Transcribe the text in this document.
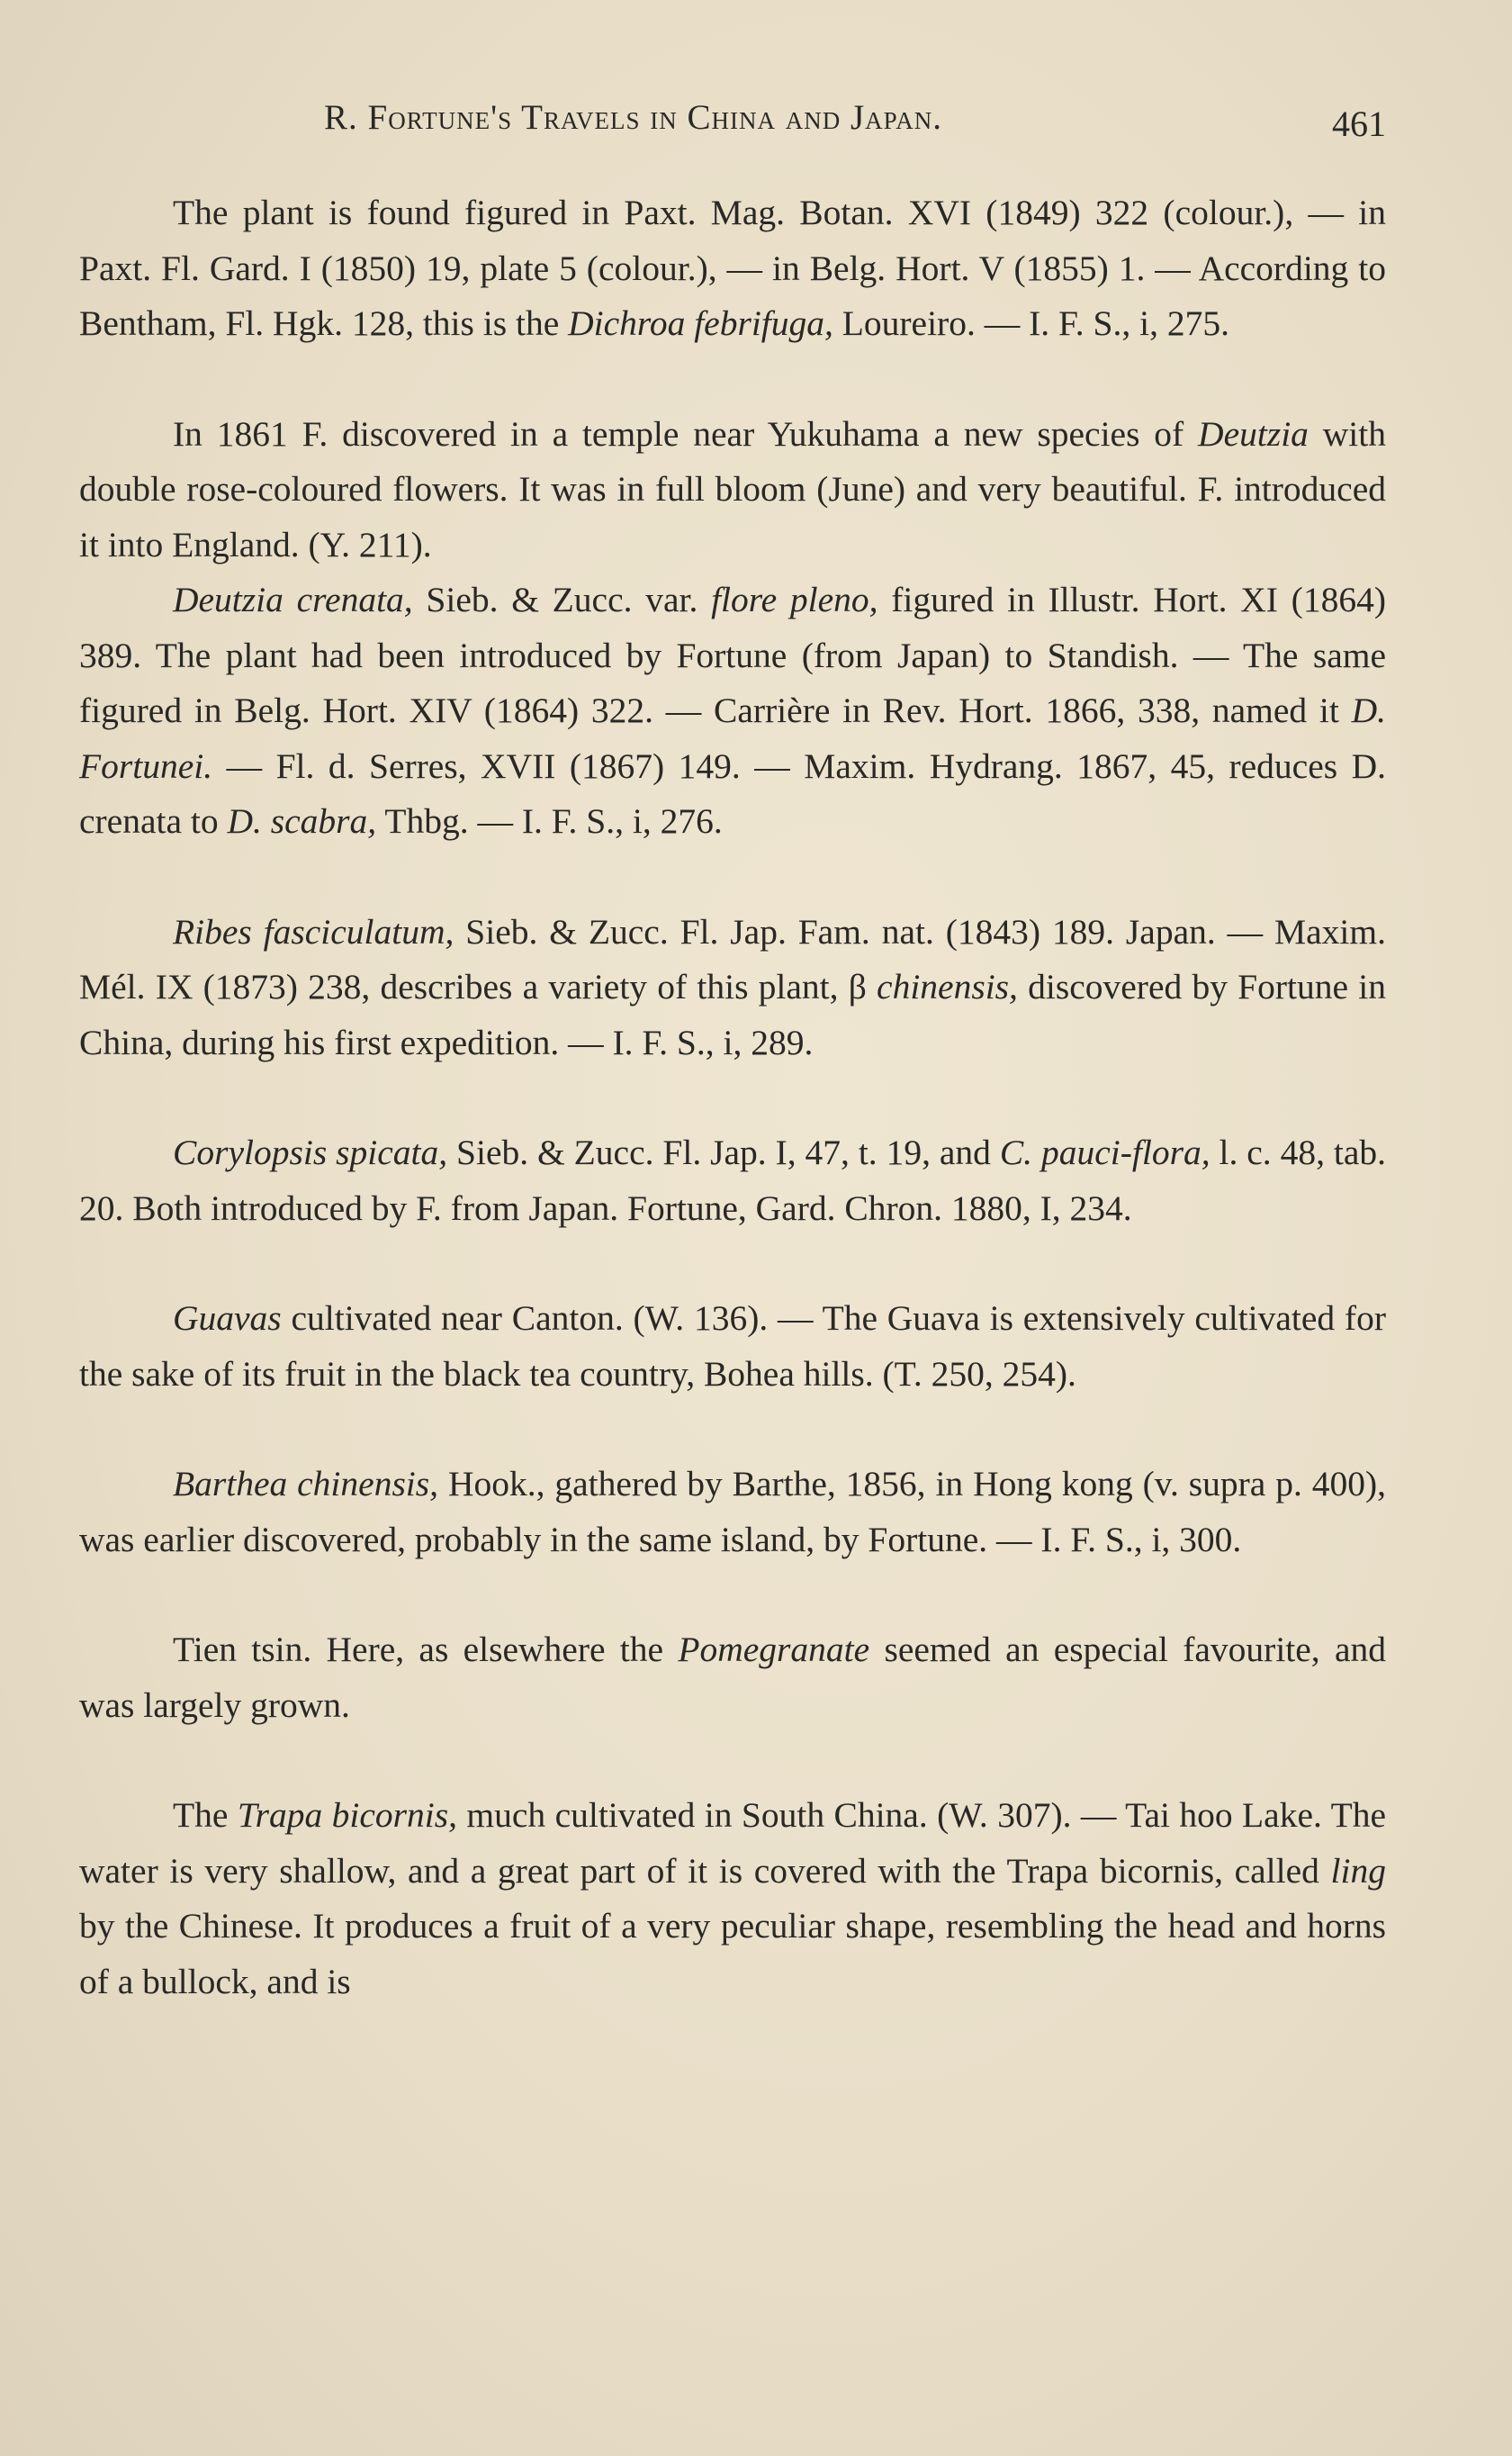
R. Fortune's Travels in China and Japan.	461

The plant is found figured in Paxt. Mag. Botan. XVI (1849) 322 (colour.), — in Paxt. Fl. Gard. I (1850) 19, plate 5 (colour.), — in Belg. Hort. V (1855) 1. — According to Bentham, Fl. Hgk. 128, this is the Dichroa febrifuga, Loureiro. — I. F. S., i, 275.

In 1861 F. discovered in a temple near Yukuhama a new species of Deutzia with double rose-coloured flowers. It was in full bloom (June) and very beautiful. F. introduced it into England. (Y. 211).

Deutzia crenata, Sieb. & Zucc. var. flore pleno, figured in Illustr. Hort. XI (1864) 389. The plant had been introduced by Fortune (from Japan) to Standish. — The same figured in Belg. Hort. XIV (1864) 322. — Carrière in Rev. Hort. 1866, 338, named it D. Fortunei. — Fl. d. Serres, XVII (1867) 149. — Maxim. Hydrang. 1867, 45, reduces D. crenata to D. scabra, Thbg. — I. F. S., i, 276.

Ribes fasciculatum, Sieb. & Zucc. Fl. Jap. Fam. nat. (1843) 189. Japan. — Maxim. Mél. IX (1873) 238, describes a variety of this plant, β chinensis, discovered by Fortune in China, during his first expedition. — I. F. S., i, 289.

Corylopsis spicata, Sieb. & Zucc. Fl. Jap. I, 47, t. 19, and C. pauci-flora, l. c. 48, tab. 20. Both introduced by F. from Japan. Fortune, Gard. Chron. 1880, I, 234.

Guavas cultivated near Canton. (W. 136). — The Guava is extensively cultivated for the sake of its fruit in the black tea country, Bohea hills. (T. 250, 254).

Barthea chinensis, Hook., gathered by Barthe, 1856, in Hong kong (v. supra p. 400), was earlier discovered, probably in the same island, by Fortune. — I. F. S., i, 300.

Tien tsin. Here, as elsewhere the Pomegranate seemed an especial favourite, and was largely grown.

The Trapa bicornis, much cultivated in South China. (W. 307). — Tai hoo Lake. The water is very shallow, and a great part of it is covered with the Trapa bicornis, called ling by the Chinese. It produces a fruit of a very peculiar shape, resembling the head and horns of a bullock, and is
